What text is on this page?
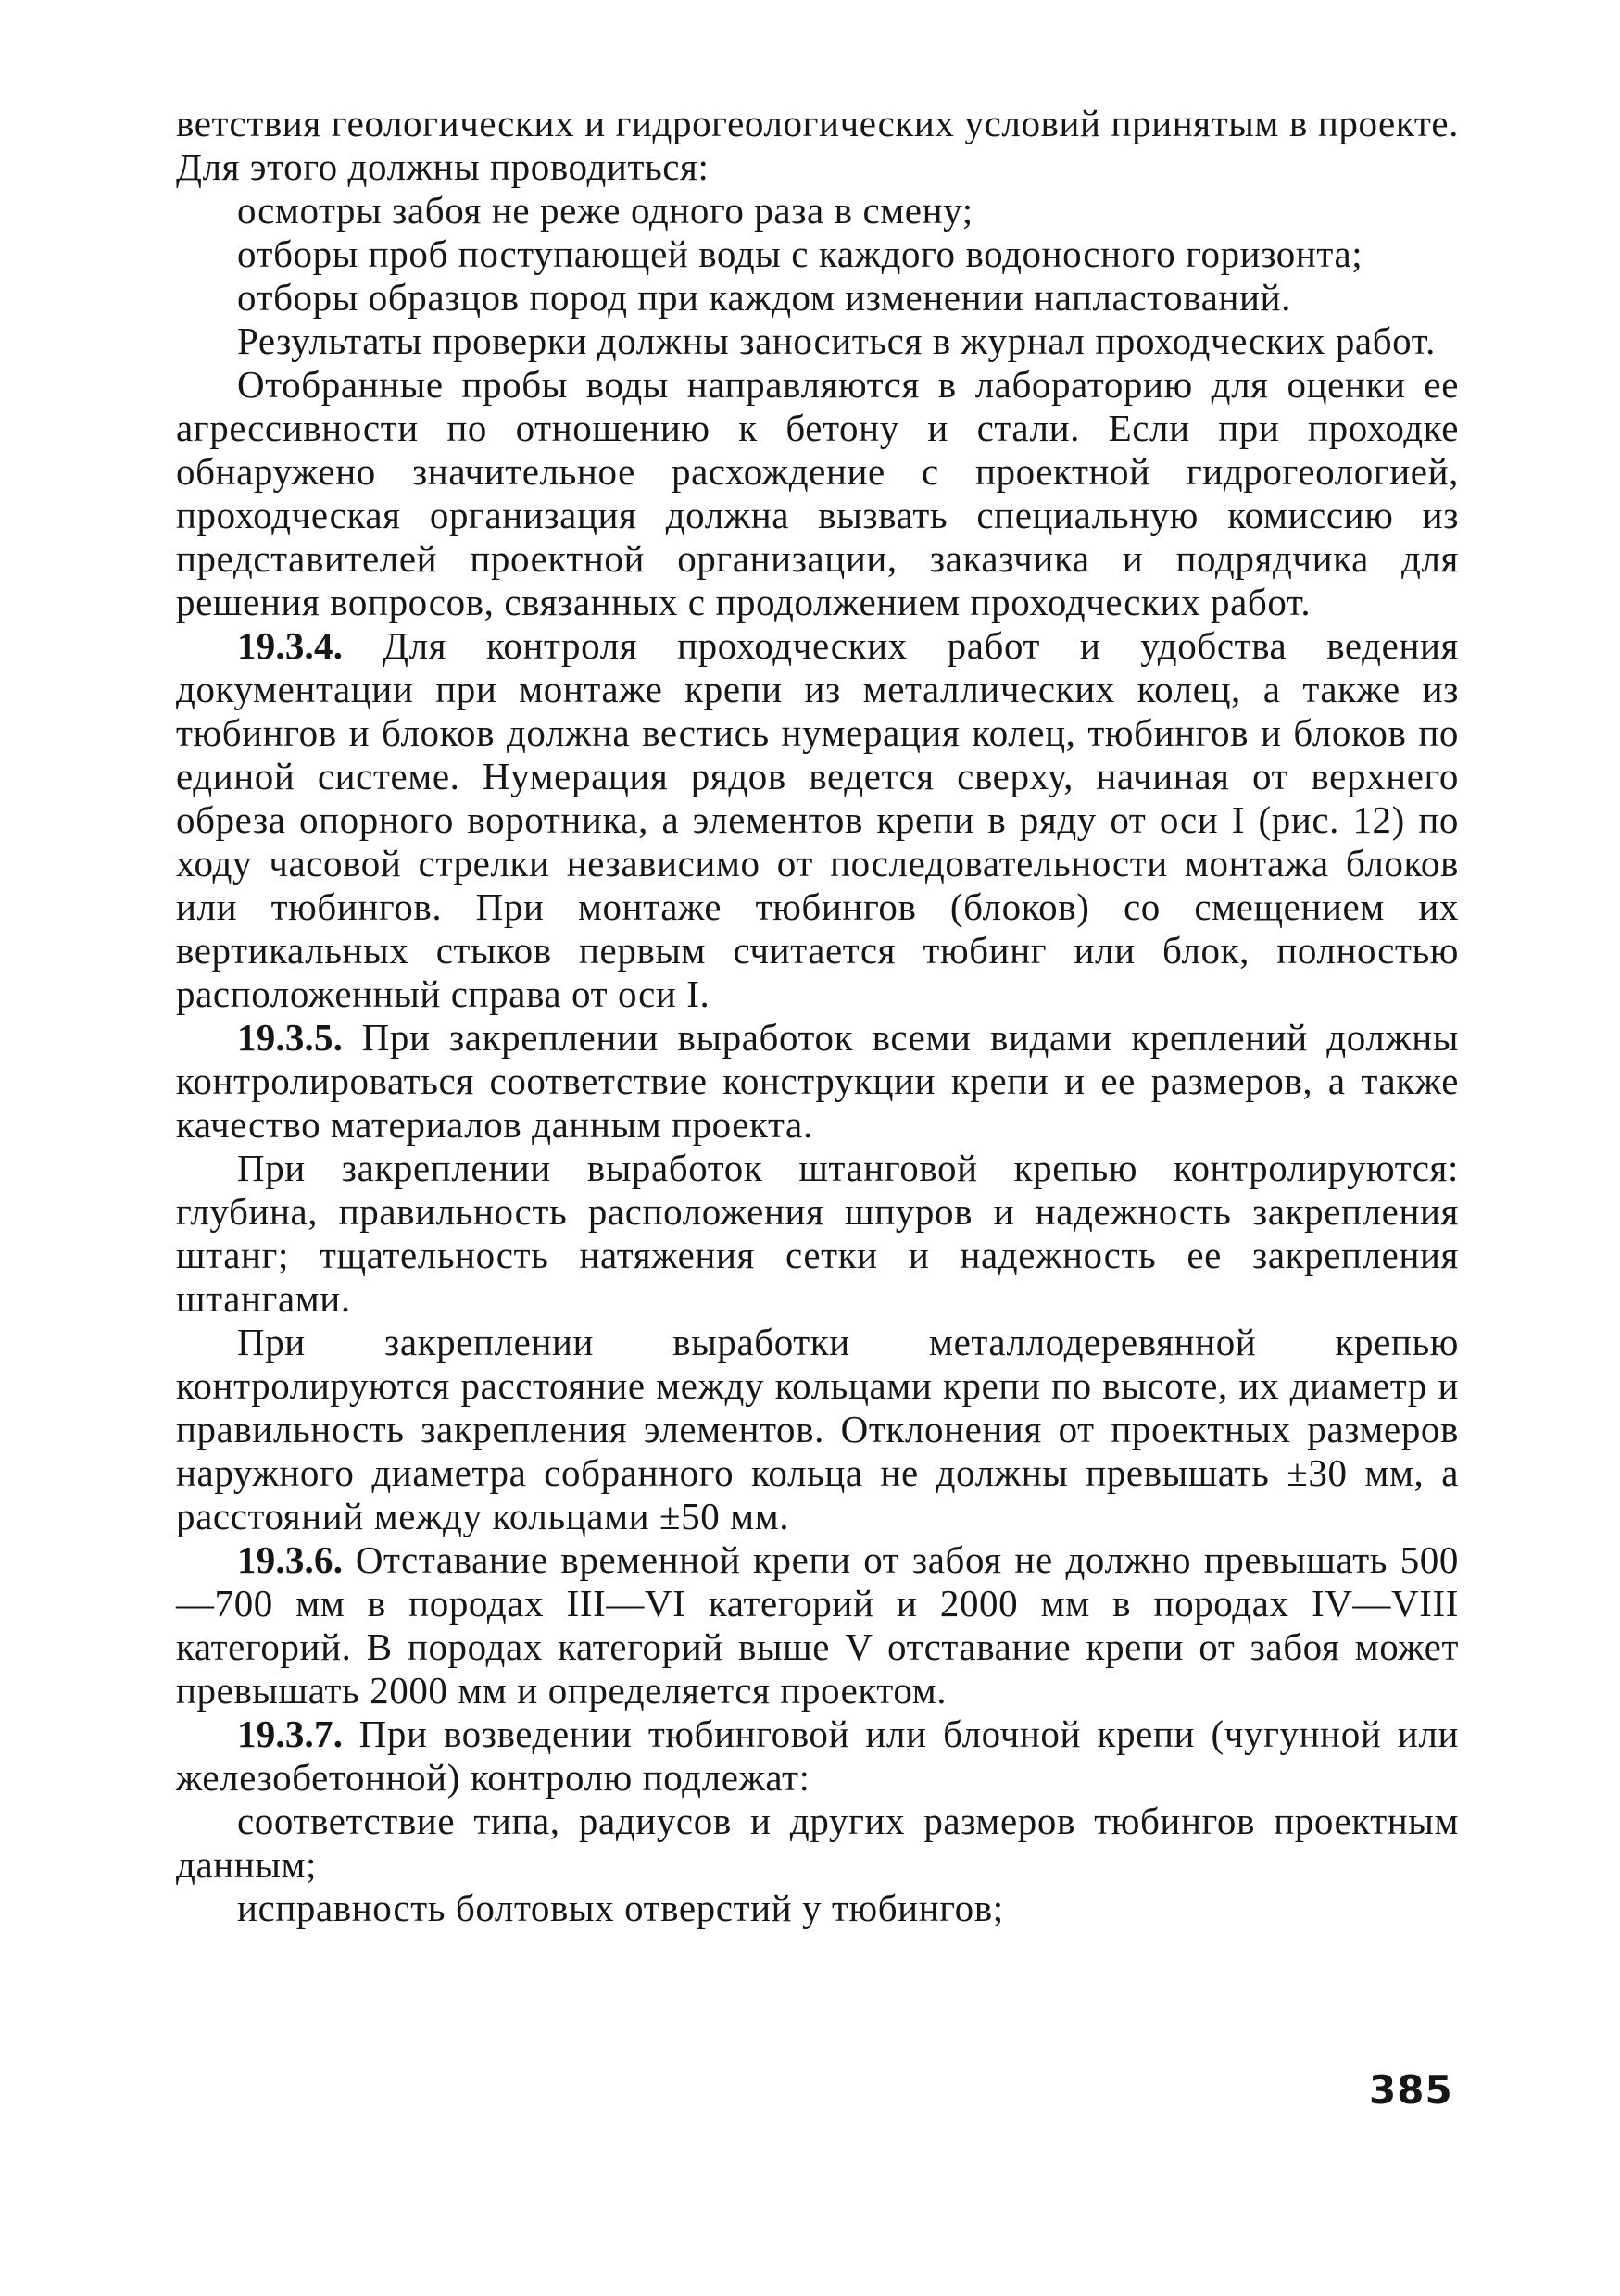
ветствия геологических и гидрогеологических условий принятым в проекте. Для этого должны проводиться:

осмотры забоя не реже одного раза в смену;

отборы проб поступающей воды с каждого водоносного горизонта;

отборы образцов пород при каждом изменении напластований.

Результаты проверки должны заноситься в журнал проходческих работ.

Отобранные пробы воды направляются в лабораторию для оценки ее агрессивности по отношению к бетону и стали. Если при проходке обнаружено значительное расхождение с проектной гидрогеологией, проходческая организация должна вызвать специальную комиссию из представителей проектной организации, заказчика и подрядчика для решения вопросов, связанных с продолжением проходческих работ.

19.3.4. Для контроля проходческих работ и удобства ведения документации при монтаже крепи из металлических колец, а также из тюбингов и блоков должна вестись нумерация колец, тюбингов и блоков по единой системе. Нумерация рядов ведется сверху, начиная от верхнего обреза опорного воротника, а элементов крепи в ряду от оси I (рис. 12) по ходу часовой стрелки независимо от последовательности монтажа блоков или тюбингов. При монтаже тюбингов (блоков) со смещением их вертикальных стыков первым считается тюбинг или блок, полностью расположенный справа от оси I.

19.3.5. При закреплении выработок всеми видами креплений должны контролироваться соответствие конструкции крепи и ее размеров, а также качество материалов данным проекта.

При закреплении выработок штанговой крепью контролируются: глубина, правильность расположения шпуров и надежность закрепления штанг; тщательность натяжения сетки и надежность ее закрепления штангами.

При закреплении выработки металлодеревянной крепью контролируются расстояние между кольцами крепи по высоте, их диаметр и правильность закрепления элементов. Отклонения от проектных размеров наружного диаметра собранного кольца не должны превышать ±30 мм, а расстояний между кольцами ±50 мм.

19.3.6. Отставание временной крепи от забоя не должно превышать 500—700 мм в породах III—VI категорий и 2000 мм в породах IV—VIII категорий. В породах категорий выше V отставание крепи от забоя может превышать 2000 мм и определяется проектом.

19.3.7. При возведении тюбинговой или блочной крепи (чугунной или железобетонной) контролю подлежат:

соответствие типа, радиусов и других размеров тюбингов проектным данным;

исправность болтовых отверстий у тюбингов;

385
